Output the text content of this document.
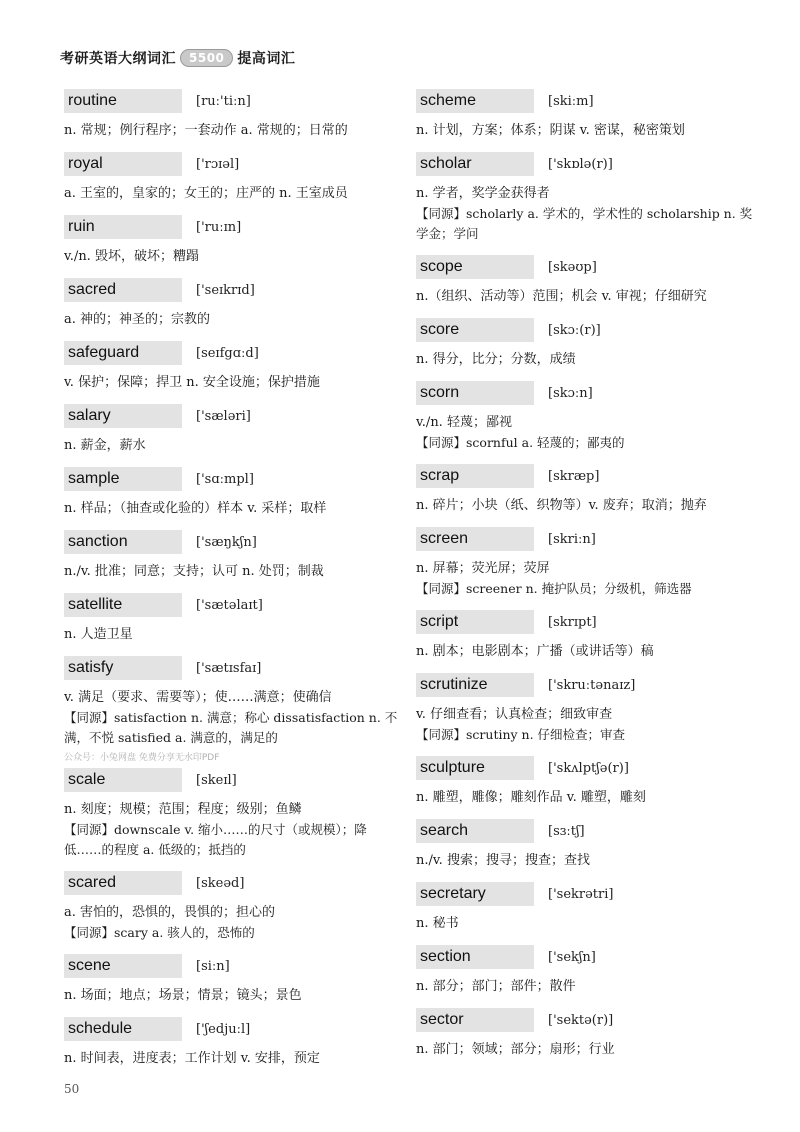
考研英语大纲词汇	5500 提高词汇
routine	[ruː'tiːn]
n. 常规；例行程序；一套动作 a. 常规的；日常的
royal	['rɔɪəl]
a. 王室的，皇家的；女王的；庄严的 n. 王室成员
ruin	['ruːɪn]
v./n. 毁坏，破坏；糟蹋
sacred	['seɪkrɪd]
a. 神的；神圣的；宗教的
safeguard	[seɪfgɑːd]
v. 保护；保障；捍卫 n. 安全设施；保护措施
salary	['sæləri]
n. 薪金，薪水
sample	['sɑːmpl]
n. 样品；（抽查或化验的）样本 v. 采样；取样
sanction	['sæŋkʃn]
n./v. 批准；同意；支持；认可 n. 处罚；制裁
satellite	['sætəlaɪt]
n. 人造卫星
satisfy	['sætɪsfaɪ]
v. 满足（要求、需要等）；使……满意；使确信
【同源】satisfaction n. 满意；称心 dissatisfaction n. 不满，不悦 satisfied a. 满意的，满足的
公众号：小兔网盘 免费分享无水印PDF
scale	[skeɪl]
n. 刻度；规模；范围；程度；级别；鱼鳞
【同源】downscale v. 缩小……的尺寸（或规模）；降低……的程度 a. 低级的；抵挡的
scared	[skeəd]
a. 害怕的，恐惧的，畏惧的；担心的
【同源】scary a. 骇人的，恐怖的
scene	[siːn]
n. 场面；地点；场景；情景；镜头；景色
schedule	['ʃedjuːl]
n. 时间表，进度表；工作计划 v. 安排，预定
scheme	[skiːm]
n. 计划，方案；体系；阴谋 v. 密谋，秘密策划
scholar	['skɒlə(r)]
n. 学者，奖学金获得者
【同源】scholarly a. 学术的，学术性的 scholarship n. 奖学金；学问
scope	[skəʊp]
n.（组织、活动等）范围；机会 v. 审视；仔细研究
score	[skɔː(r)]
n. 得分，比分；分数，成绩
scorn	[skɔːn]
v./n. 轻蔑；鄙视
【同源】scornful a. 轻蔑的；鄙夷的
scrap	[skræp]
n. 碎片；小块（纸、织物等）v. 废弃；取消；抛弃
screen	[skriːn]
n. 屏幕；荧光屏；荧屏
【同源】screener n. 掩护队员；分级机，筛选器
script	[skrɪpt]
n. 剧本；电影剧本；广播（或讲话等）稿
scrutinize	['skruːtənaɪz]
v. 仔细查看；认真检查；细致审查
【同源】scrutiny n. 仔细检查；审查
sculpture	['skʌlptʃə(r)]
n. 雕塑，雕像；雕刻作品 v. 雕塑，雕刻
search	[sɜːtʃ]
n./v. 搜索；搜寻；搜查；查找
secretary	['sekrətri]
n. 秘书
section	['sekʃn]
n. 部分；部门；部件；散件
sector	['sektə(r)]
n. 部门；领域；部分；扇形；行业
50
